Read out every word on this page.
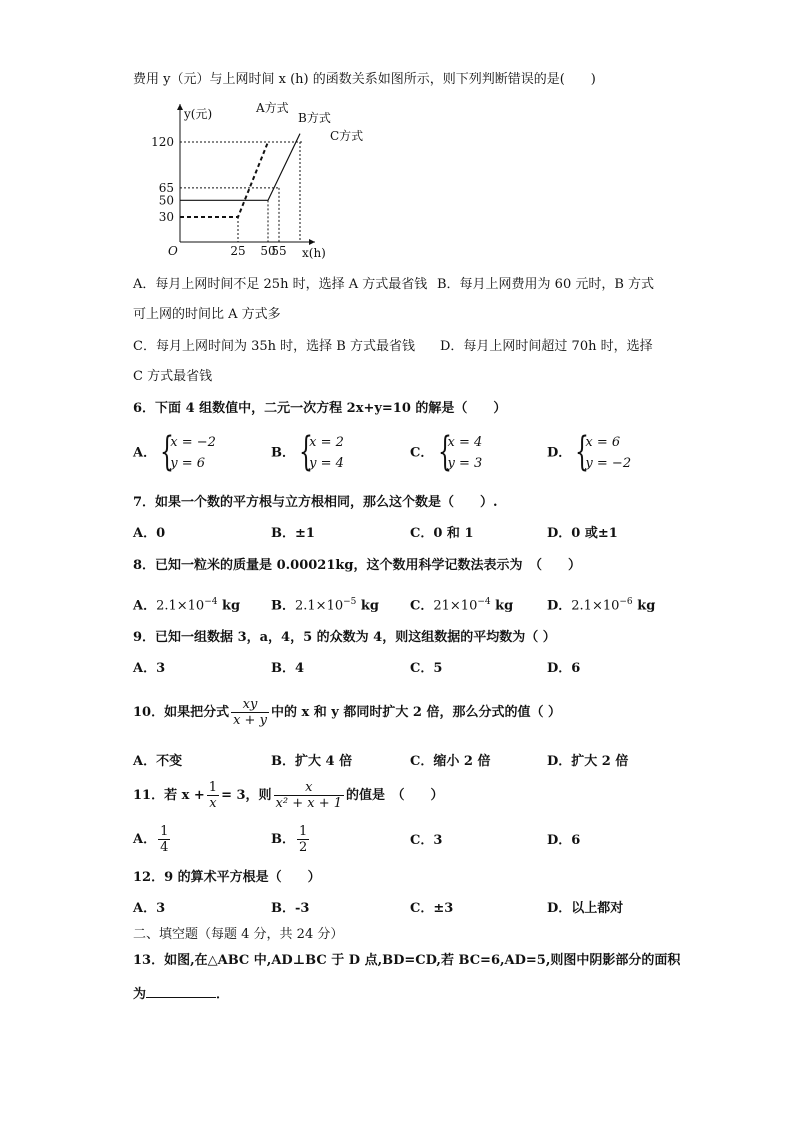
费用 y（元）与上网时间 x (h) 的函数关系如图所示，则下列判断错误的是(　　)
O
y(元)
x(h)
30
50
65
120
25 50
55
A方式
B方式
C方式
A．每月上网时间不足 25h 时，选择 A 方式最省钱 B．每月上网费用为 60 元时，B 方式
可上网的时间比 A 方式多
C．每月上网时间为 35h 时，选择 B 方式最省钱 D．每月上网时间超过 70h 时，选择
C 方式最省钱
6．下面 4 组数值中，二元一次方程 2x+y=10 的解是（　　）
A． {
x = −2
y = 6
B． {
x = 2
y = 4
C． {
x = 4
y = 3
D． {
x = 6
y = −2
7．如果一个数的平方根与立方根相同，那么这个数是（　　）.
A．0	B．±1	C．0 和 1	D．0 或±1
8．已知一粒米的质量是 0.00021kg，这个数用科学记数法表示为　（　　）
A．$2.1\times 10^{-4}$ kg B．$2.1\times 10^{-5}$ kg C．$21\times 10^{-4}$ kg	D．$2.1\times 10^{-6}$ kg
9．已知一组数据 3，a，4，5 的众数为 4，则这组数据的平均数为（ ）
A．3	B．4	C．5	D．6
10．如果把分式 $\frac{xy}{x + y}$ 中的 x 和 y 都同时扩大 2 倍，那么分式的值（ ）
A．不变	B．扩大 4 倍	C．缩小 2 倍	D．扩大 2 倍
11．若 $x + \frac{1}{x} = 3$，则 $\frac{x}{\text{x² + x + 1}}$ 的值是　（　　）
A． $\frac{1}{4}$	B． $\frac{1}{2}$	C．3	D．6
12．9 的算术平方根是（　　）
A．3	B．-3	C．±3	D．以上都对
二、填空题（每题 4 分，共 24 分）
13．如图,在△ABC 中,AD⊥BC 于 D 点,BD=CD,若 BC=6,AD=5,则图中阴影部分的面积
为	．
